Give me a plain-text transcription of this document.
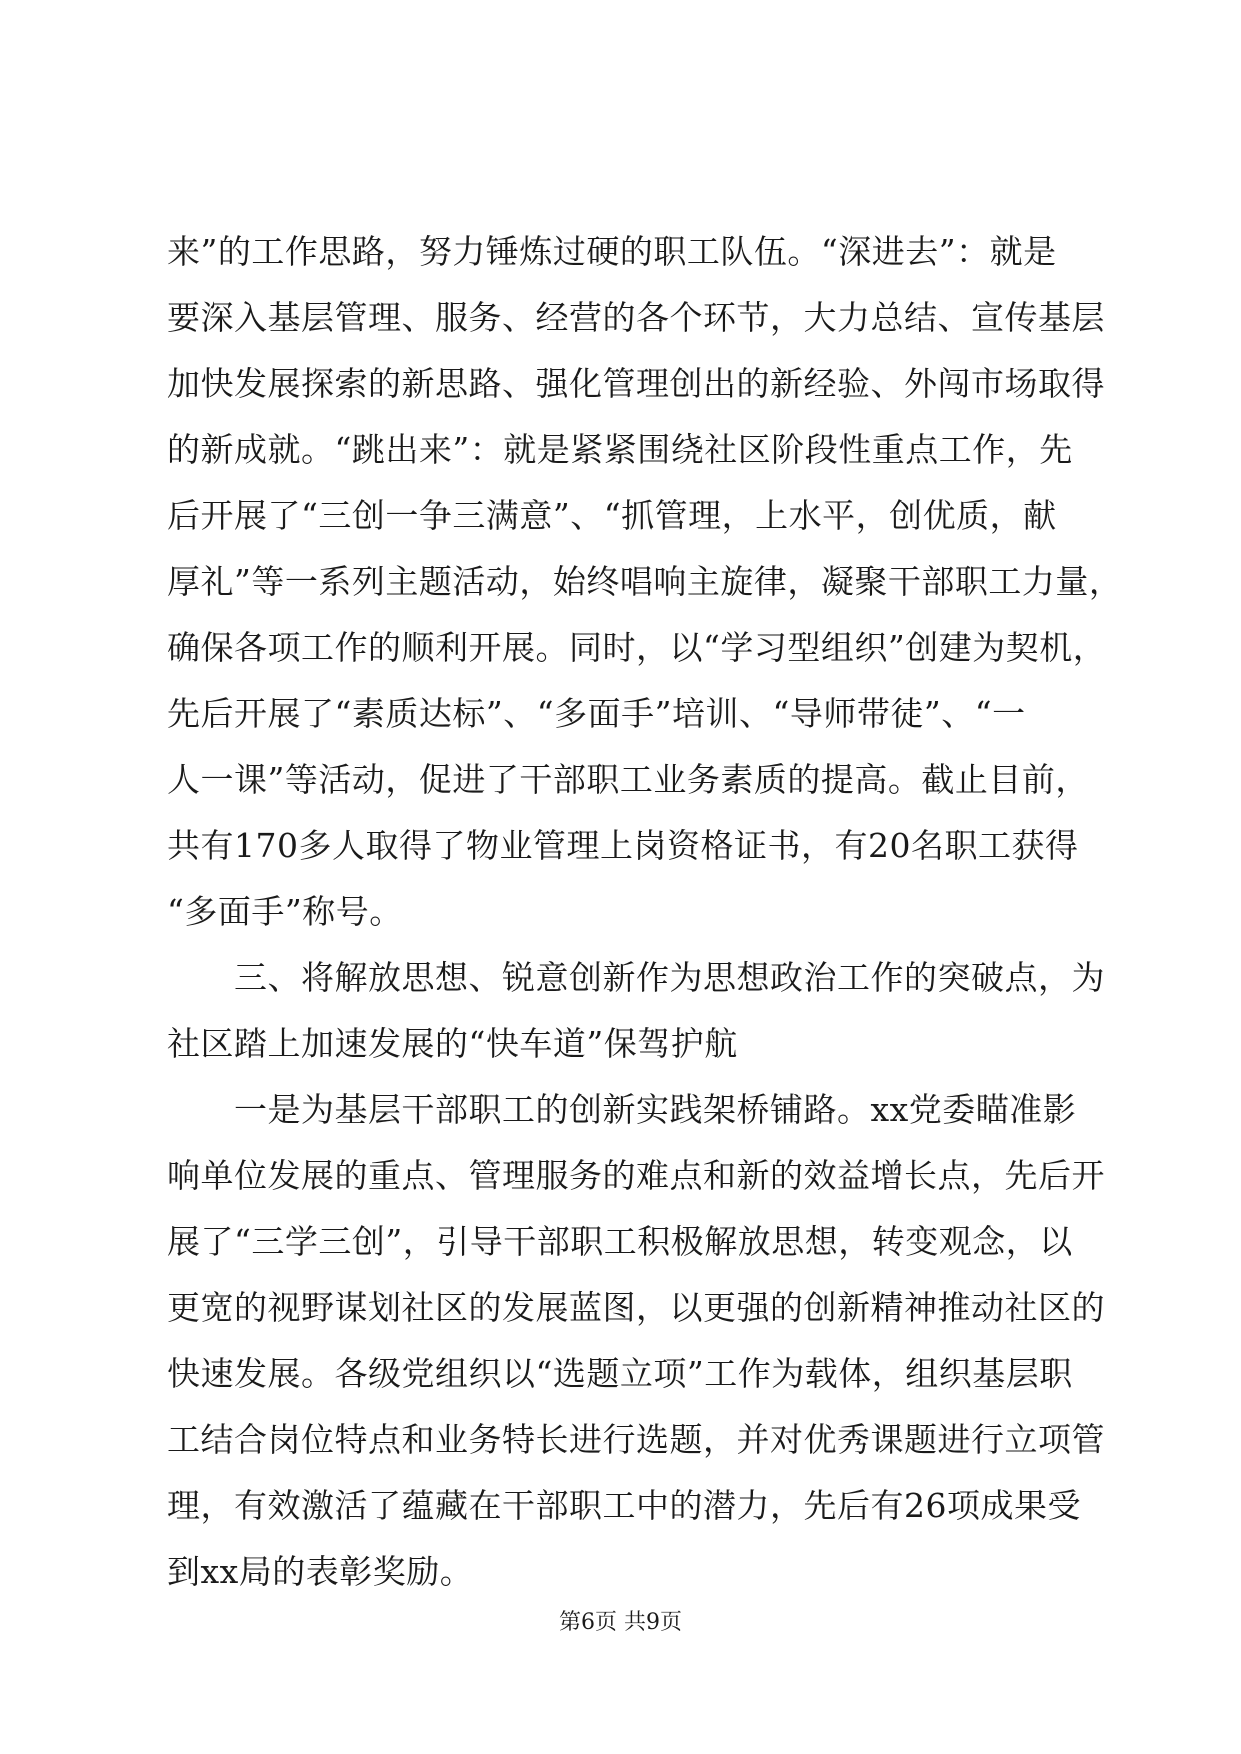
来”的工作思路，努力锤炼过硬的职工队伍。“深进去”：就是
要深入基层管理、服务、经营的各个环节，大力总结、宣传基层
加快发展探索的新思路、强化管理创出的新经验、外闯市场取得
的新成就。“跳出来”：就是紧紧围绕社区阶段性重点工作，先
后开展了“三创一争三满意”、“抓管理，上水平，创优质，献
厚礼”等一系列主题活动，始终唱响主旋律，凝聚干部职工力量，
确保各项工作的顺利开展。同时，以“学习型组织”创建为契机，
先后开展了“素质达标”、“多面手”培训、“导师带徒”、“一
人一课”等活动，促进了干部职工业务素质的提高。截止目前，
共有170多人取得了物业管理上岗资格证书，有20名职工获得
“多面手”称号。
　　三、将解放思想、锐意创新作为思想政治工作的突破点，为
社区踏上加速发展的“快车道”保驾护航
　　一是为基层干部职工的创新实践架桥铺路。xx党委瞄准影
响单位发展的重点、管理服务的难点和新的效益增长点，先后开
展了“三学三创”，引导干部职工积极解放思想，转变观念，以
更宽的视野谋划社区的发展蓝图，以更强的创新精神推动社区的
快速发展。各级党组织以“选题立项”工作为载体，组织基层职
工结合岗位特点和业务特长进行选题，并对优秀课题进行立项管
理，有效激活了蕴藏在干部职工中的潜力，先后有26项成果受
到xx局的表彰奖励。
第6页 共9页
